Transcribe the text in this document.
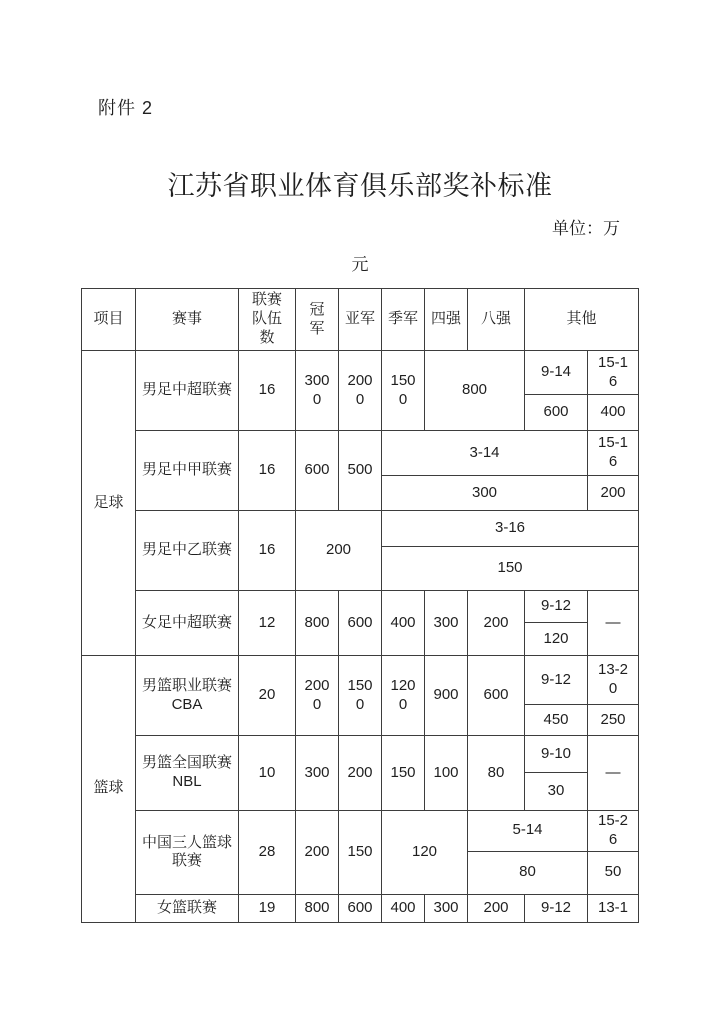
附件 2
江苏省职业体育俱乐部奖补标准
单位：万
元
项目	赛事	联赛队伍数	冠军	亚军	季军	四强	八强	其他	
足球	男足中超联赛	16	3000	2000	1500	800		9-14	15-16
								600	400
	男足中甲联赛	16	600	500	3-14				15-16
					300				200
	男足中乙联赛	16	200		3-16				
					150				
	女足中超联赛	12	800	600	400	300	200	9-12	—
								120	
篮球	男篮职业联赛CBA	20	2000	1500	1200	900	600	9-12	13-20
								450	250
	男篮全国联赛NBL	10	300	200	150	100	80	9-10	—
								30	
	中国三人篮球联赛	28	200	150	120		5-14		15-26
							80		50
	女篮联赛	19	800	600	400	300	200	9-12	13-1
